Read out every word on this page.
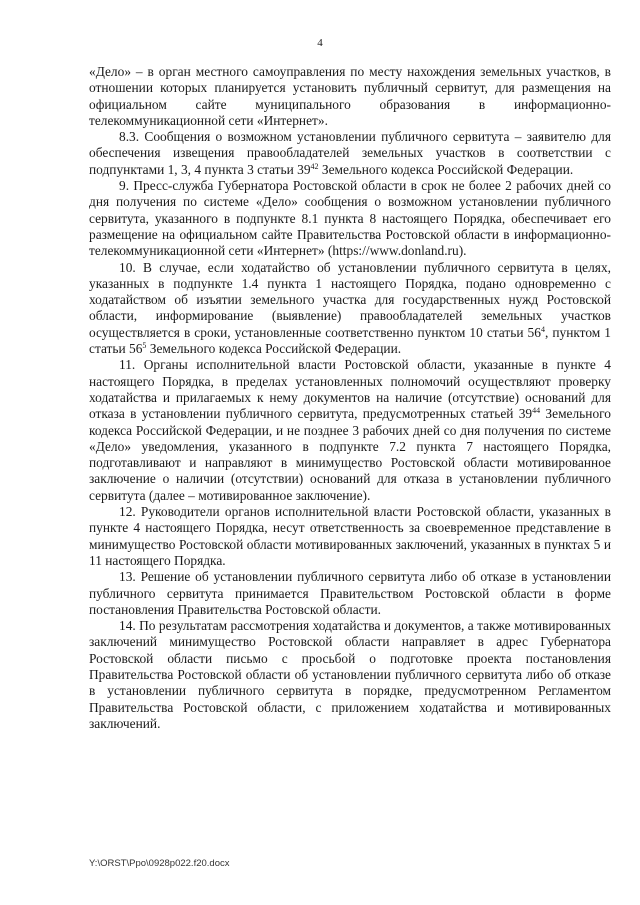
4

«Дело» – в орган местного самоуправления по месту нахождения земельных участков, в отношении которых планируется установить публичный сервитут, для размещения на официальном сайте муниципального образования в информационно-телекоммуникационной сети «Интернет».

8.3. Сообщения о возможном установлении публичного сервитута – заявителю для обеспечения извещения правообладателей земельных участков в соответствии с подпунктами 1, 3, 4 пункта 3 статьи $39^{42}$ Земельного кодекса Российской Федерации.

9. Пресс-служба Губернатора Ростовской области в срок не более 2 рабочих дней со дня получения по системе «Дело» сообщения о возможном установлении публичного сервитута, указанного в подпункте 8.1 пункта 8 настоящего Порядка, обеспечивает его размещение на официальном сайте Правительства Ростовской области в информационно-телекоммуникационной сети «Интернет» (https://www.donland.ru).

10. В случае, если ходатайство об установлении публичного сервитута в целях, указанных в подпункте 1.4 пункта 1 настоящего Порядка, подано одновременно с ходатайством об изъятии земельного участка для государственных нужд Ростовской области, информирование (выявление) правообладателей земельных участков осуществляется в сроки, установленные соответственно пунктом 10 статьи $56^4$, пунктом 1 статьи $56^5$ Земельного кодекса Российской Федерации.

11. Органы исполнительной власти Ростовской области, указанные в пункте 4 настоящего Порядка, в пределах установленных полномочий осуществляют проверку ходатайства и прилагаемых к нему документов на наличие (отсутствие) оснований для отказа в установлении публичного сервитута, предусмотренных статьей $39^{44}$ Земельного кодекса Российской Федерации, и не позднее 3 рабочих дней со дня получения по системе «Дело» уведомления, указанного в подпункте 7.2 пункта 7 настоящего Порядка, подготавливают и направляют в минимущество Ростовской области мотивированное заключение о наличии (отсутствии) оснований для отказа в установлении публичного сервитута (далее – мотивированное заключение).

12. Руководители органов исполнительной власти Ростовской области, указанных в пункте 4 настоящего Порядка, несут ответственность за своевременное представление в минимущество Ростовской области мотивированных заключений, указанных в пунктах 5 и 11 настоящего Порядка.

13. Решение об установлении публичного сервитута либо об отказе в установлении публичного сервитута принимается Правительством Ростовской области в форме постановления Правительства Ростовской области.

14. По результатам рассмотрения ходатайства и документов, а также мотивированных заключений минимущество Ростовской области направляет в адрес Губернатора Ростовской области письмо с просьбой о подготовке проекта постановления Правительства Ростовской области об установлении публичного сервитута либо об отказе в установлении публичного сервитута в порядке, предусмотренном Регламентом Правительства Ростовской области, с приложением ходатайства и мотивированных заключений.

Y:\ORST\Ppo\0928p022.f20.docx
